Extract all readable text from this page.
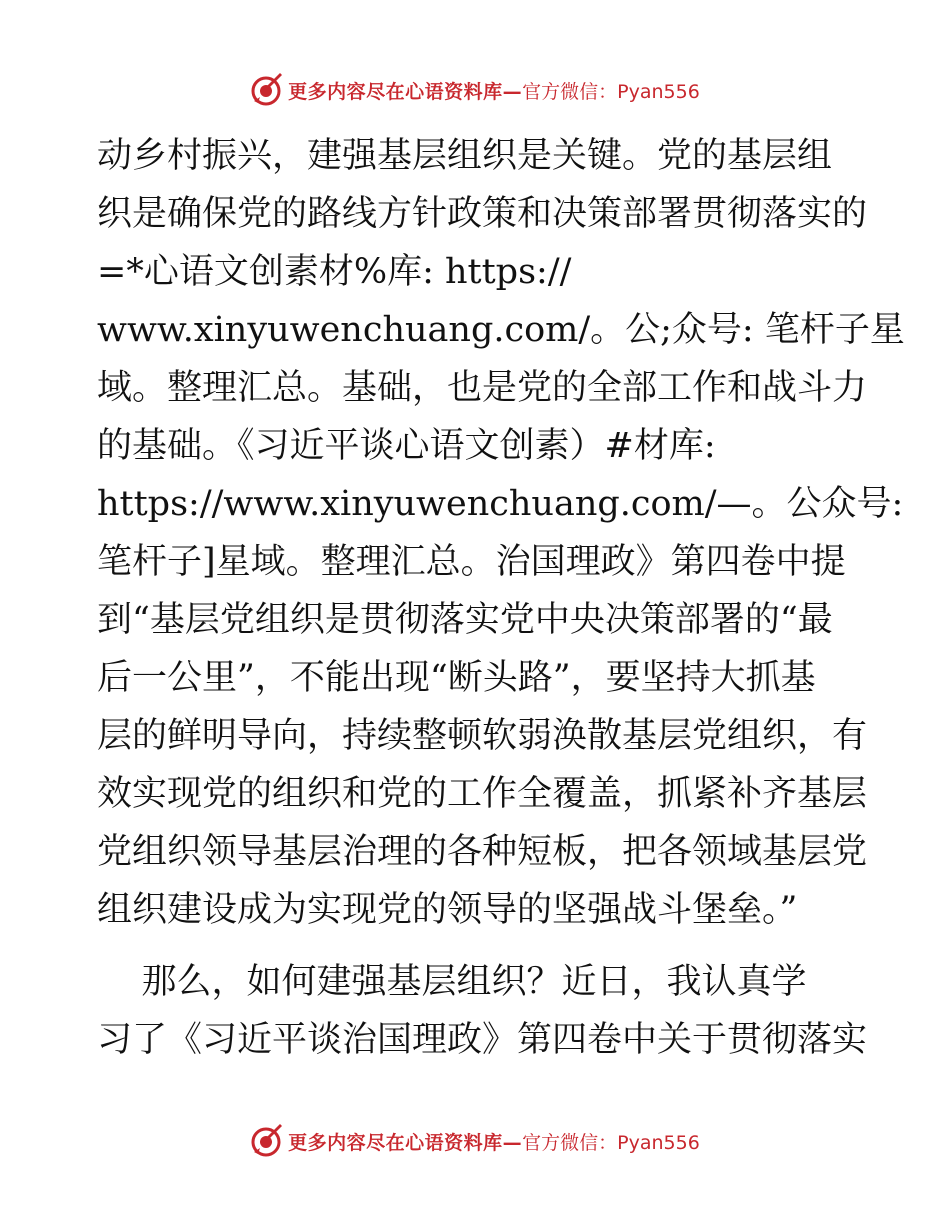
更多内容尽在心语资料库— 官方微信：Pyan556
动乡村振兴，建强基层组织是关键。党的基层组
织是确保党的路线方针政策和决策部署贯彻落实的
=*心语文创素材%库: https://
www.xinyuwenchuang.com/。公;众号: 笔杆子星
域。整理汇总。基础，也是党的全部工作和战斗力
的基础。《习近平谈心语文创素）#材库:
https://www.xinyuwenchuang.com/—。公众号:
笔杆子]星域。整理汇总。治国理政》第四卷中提
到“基层党组织是贯彻落实党中央决策部署的“最
后一公里”，不能出现“断头路”，要坚持大抓基
层的鲜明导向，持续整顿软弱涣散基层党组织，有
效实现党的组织和党的工作全覆盖，抓紧补齐基层
党组织领导基层治理的各种短板，把各领域基层党
组织建设成为实现党的领导的坚强战斗堡垒。”
那么，如何建强基层组织？近日，我认真学
习了《习近平谈治国理政》第四卷中关于贯彻落实
更多内容尽在心语资料库— 官方微信：Pyan556
